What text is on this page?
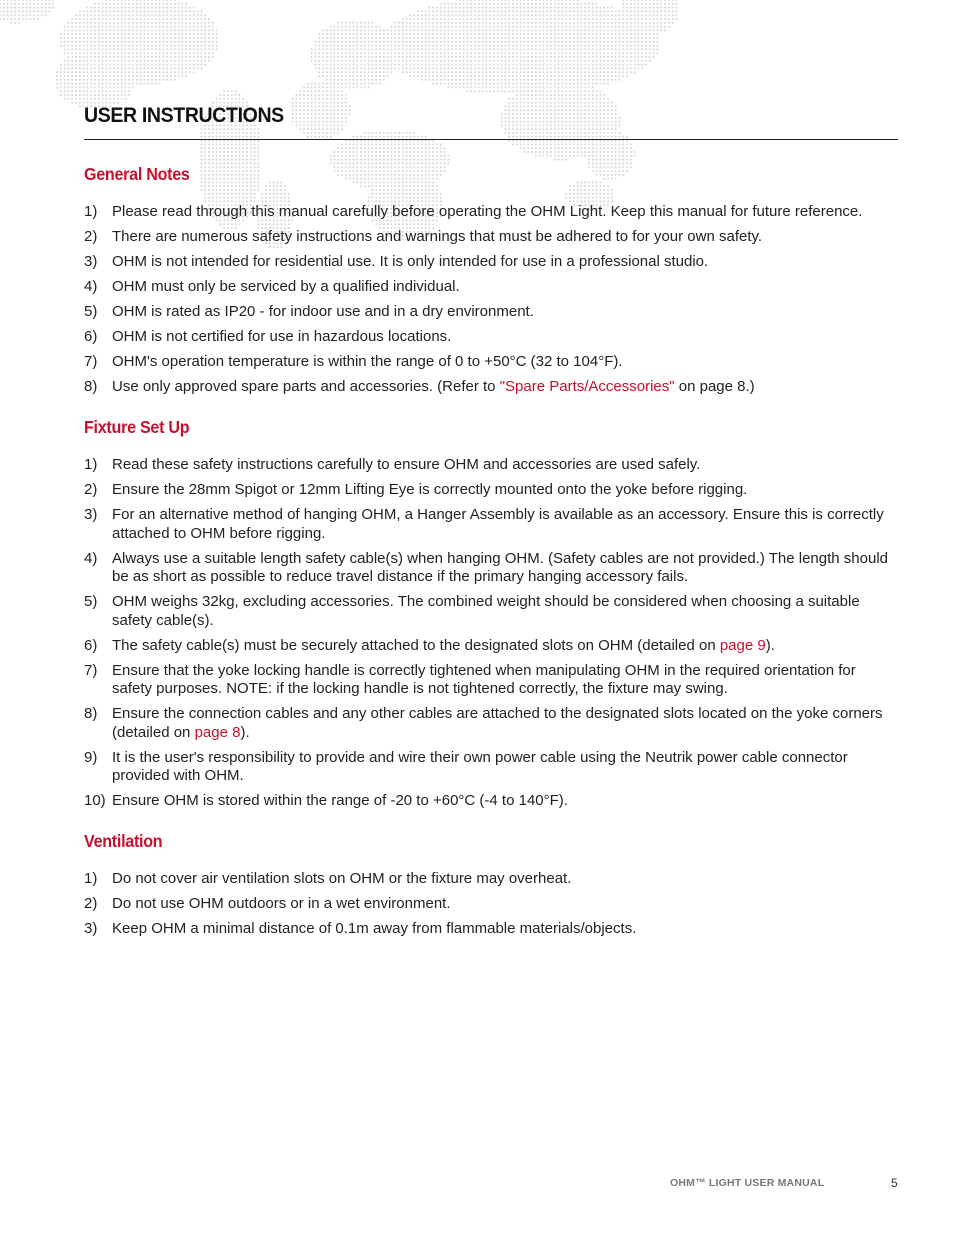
USER INSTRUCTIONS
General Notes
1) Please read through this manual carefully before operating the OHM Light. Keep this manual for future reference.
2) There are numerous safety instructions and warnings that must be adhered to for your own safety.
3) OHM is not intended for residential use. It is only intended for use in a professional studio.
4) OHM must only be serviced by a qualified individual.
5) OHM is rated as IP20 - for indoor use and in a dry environment.
6) OHM is not certified for use in hazardous locations.
7) OHM's operation temperature is within the range of 0 to +50°C (32 to 104°F).
8) Use only approved spare parts and accessories. (Refer to "Spare Parts/Accessories" on page 8.)
Fixture Set Up
1) Read these safety instructions carefully to ensure OHM and accessories are used safely.
2) Ensure the 28mm Spigot or 12mm Lifting Eye is correctly mounted onto the yoke before rigging.
3) For an alternative method of hanging OHM, a Hanger Assembly is available as an accessory. Ensure this is correctly attached to OHM before rigging.
4) Always use a suitable length safety cable(s) when hanging OHM. (Safety cables are not provided.) The length should be as short as possible to reduce travel distance if the primary hanging accessory fails.
5) OHM weighs 32kg, excluding accessories. The combined weight should be considered when choosing a suitable safety cable(s).
6) The safety cable(s) must be securely attached to the designated slots on OHM (detailed on page 9).
7) Ensure that the yoke locking handle is correctly tightened when manipulating OHM in the required orientation for safety purposes. NOTE: if the locking handle is not tightened correctly, the fixture may swing.
8) Ensure the connection cables and any other cables are attached to the designated slots located on the yoke corners (detailed on page 8).
9) It is the user's responsibility to provide and wire their own power cable using the Neutrik power cable connector provided with OHM.
10) Ensure OHM is stored within the range of -20 to +60°C (-4 to 140°F).
Ventilation
1) Do not cover air ventilation slots on OHM or the fixture may overheat.
2) Do not use OHM outdoors or in a wet environment.
3) Keep OHM a minimal distance of 0.1m away from flammable materials/objects.
OHM™ LIGHT USER MANUAL	5
